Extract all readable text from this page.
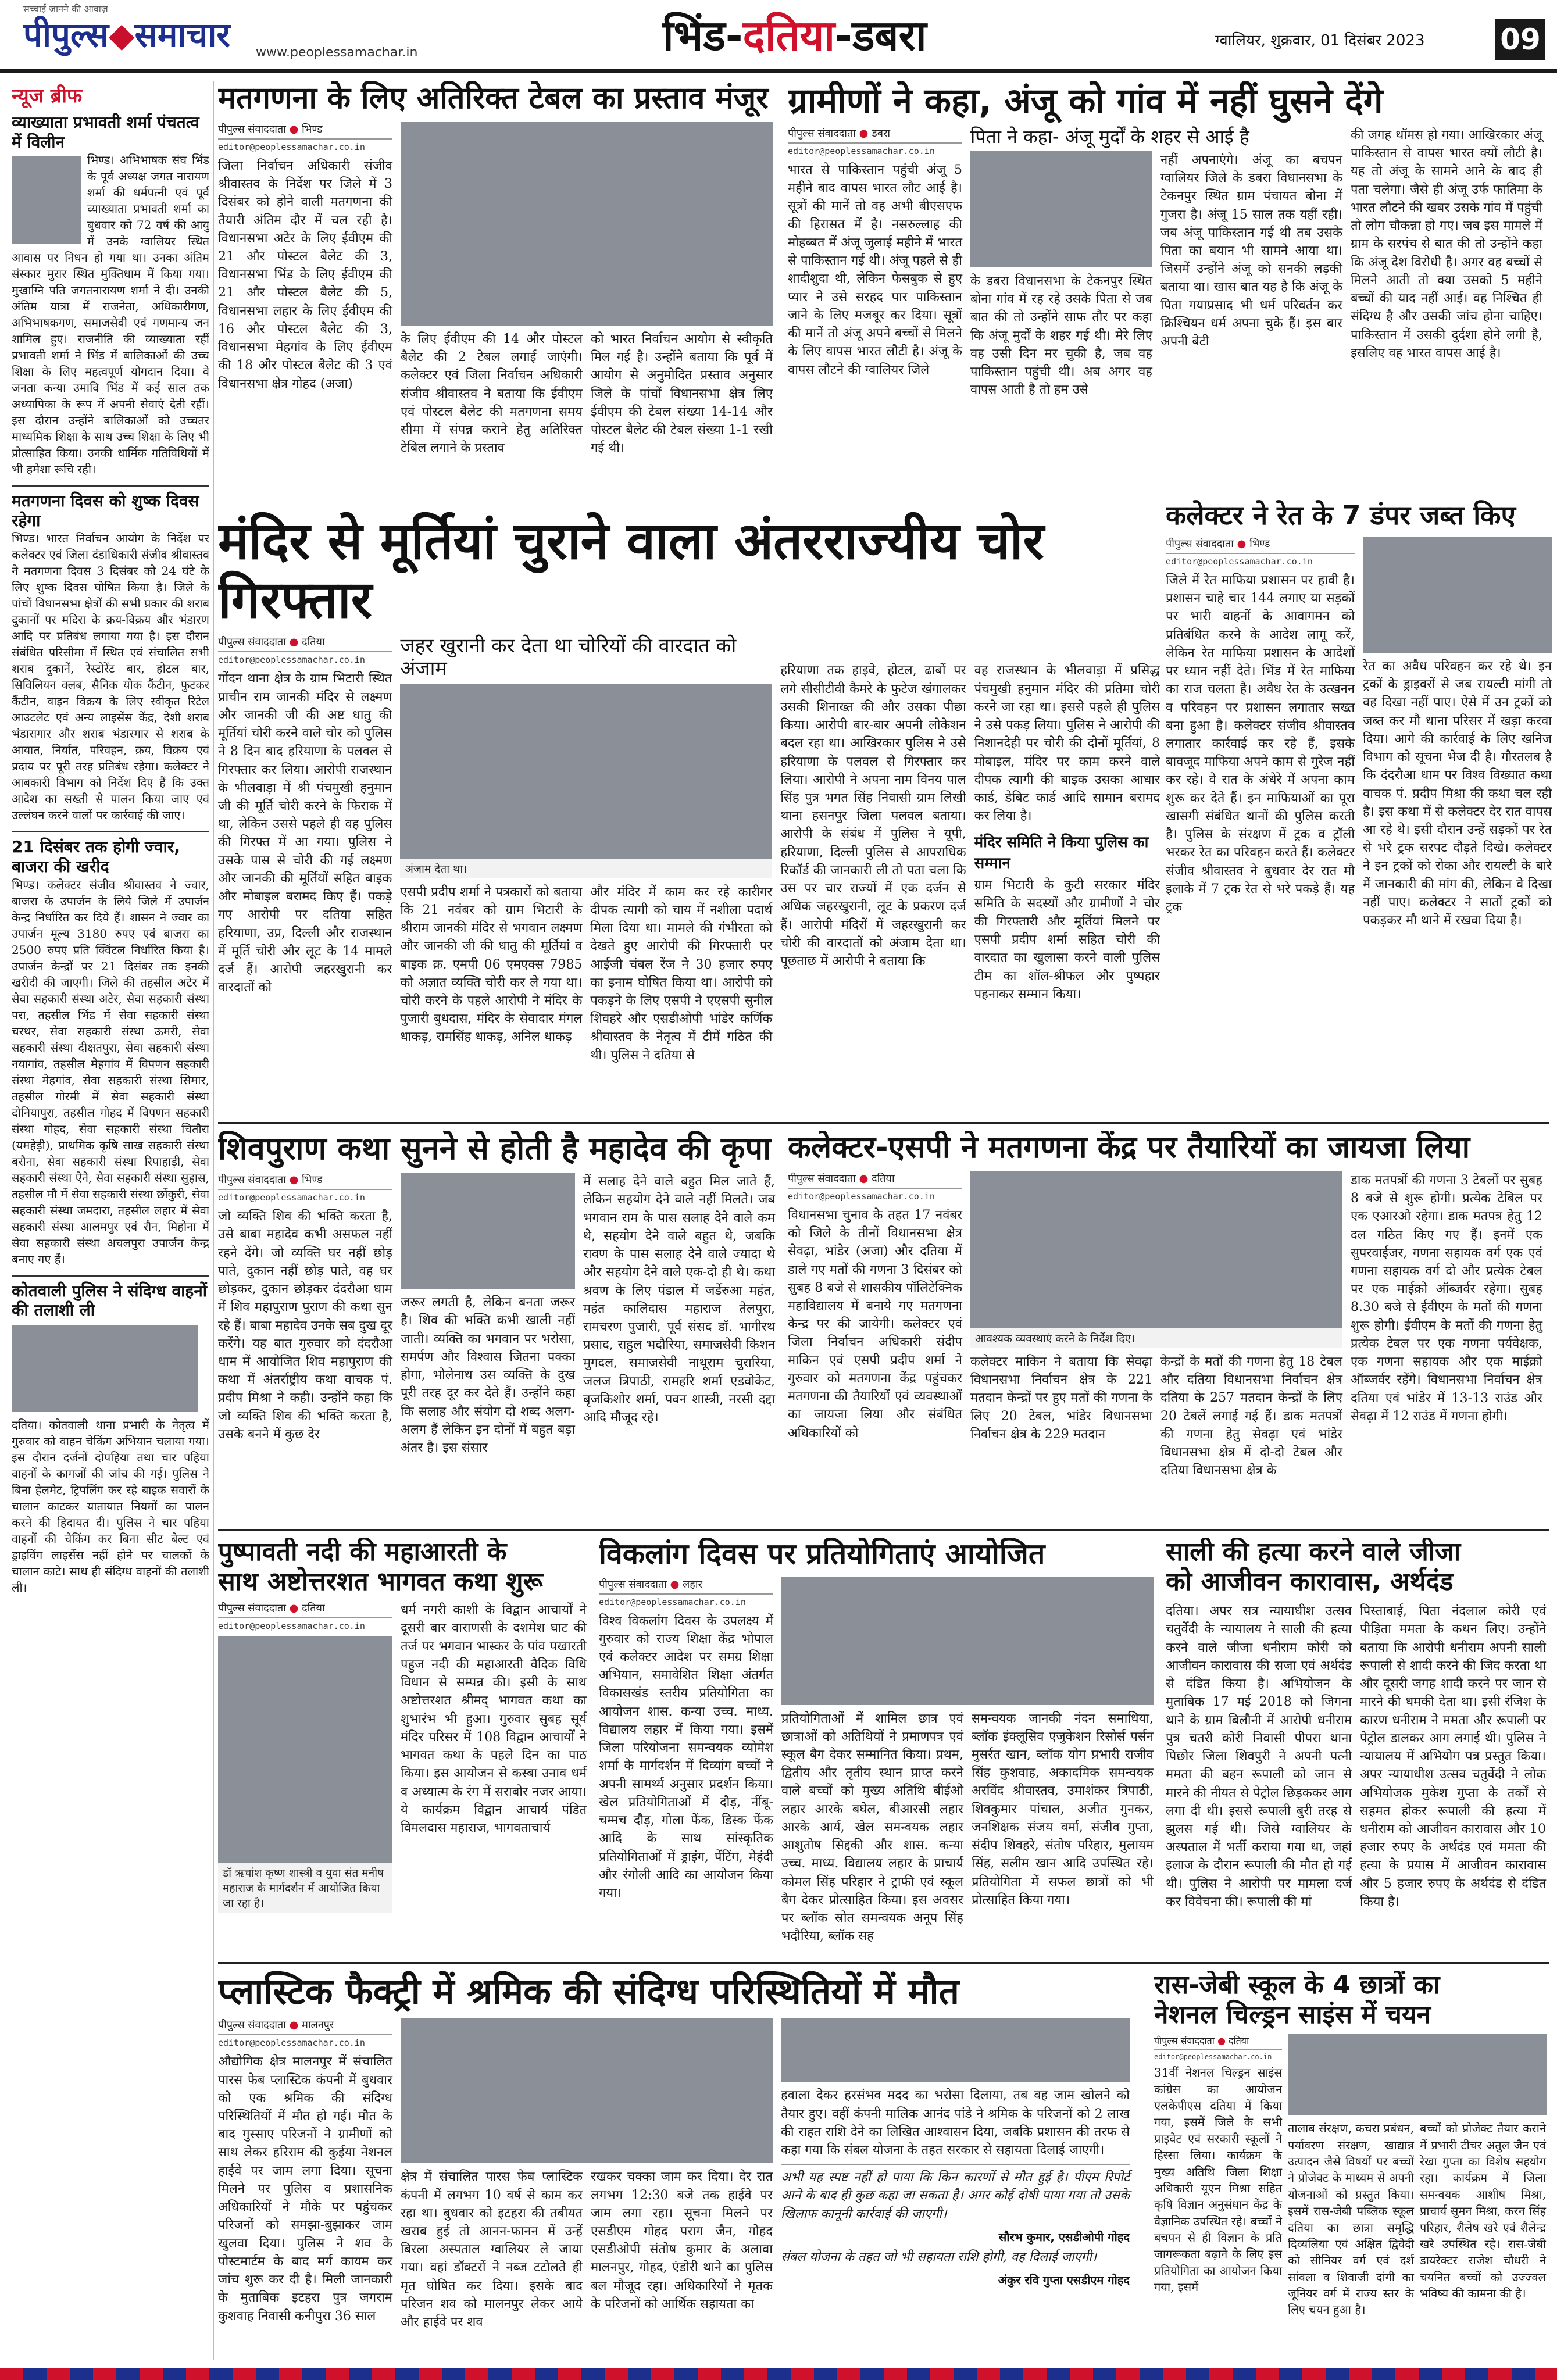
सच्चाई जानने की आवाज़
पीपुल्स◆समाचार www.peoplessamachar.in	भिंड-दतिया-डबरा	ग्वालियर, शुक्रवार, 01 दिसंबर 2023	09
न्यूज ब्रीफ
व्याख्याता प्रभावती शर्मा पंचतत्व में विलीन
भिण्ड। अभिभाषक संघ भिंड के पूर्व अध्यक्ष जगत नारायण शर्मा की धर्मपत्नी एवं पूर्व व्याख्याता प्रभावती शर्मा का बुधवार को 72 वर्ष की आयु में उनके ग्वालियर स्थित आवास पर निधन हो गया था। उनका अंतिम संस्कार मुरार स्थित मुक्तिधाम में किया गया। मुखाग्नि पति जगतनारायण शर्मा ने दी। उनकी अंतिम यात्रा में राजनेता, अधिकारीगण, अभिभाषकगण, समाजसेवी एवं गणमान्य जन शामिल हुए। राजनीति की व्याख्याता रहीं प्रभावती शर्मा ने भिंड में बालिकाओं की उच्च शिक्षा के लिए महत्वपूर्ण योगदान दिया। वे जनता कन्या उमावि भिंड में कई साल तक अध्यापिका के रूप में अपनी सेवाएं देती रहीं। इस दौरान उन्होंने बालिकाओं को उच्चतर माध्यमिक शिक्षा के साथ उच्च शिक्षा के लिए भी प्रोत्साहित किया। उनकी धार्मिक गतिविधियों में भी हमेशा रूचि रही।
मतगणना दिवस को शुष्क दिवस रहेगा
भिण्ड। भारत निर्वाचन आयोग के निर्देश पर कलेक्टर एवं जिला दंडाधिकारी संजीव श्रीवास्तव ने मतगणना दिवस 3 दिसंबर को 24 घंटे के लिए शुष्क दिवस घोषित किया है। जिले के पांचों विधानसभा क्षेत्रों की सभी प्रकार की शराब दुकानों पर मदिरा के क्रय-विक्रय और भंडारण आदि पर प्रतिबंध लगाया गया है। इस दौरान संबंधित परिसीमा में स्थित एवं संचालित सभी शराब दुकानें, रेस्टोरेंट बार, होटल बार, सिविलियन क्लब, सैनिक योक कैंटीन, फुटकर कैंटीन, वाइन विक्रय के लिए स्वीकृत रिटेल आउटलेट एवं अन्य लाइसेंस केंद्र, देशी शराब भंडारागार और शराब भंडारगार से शराब के आयात, निर्यात, परिवहन, क्रय, विक्रय एवं प्रदाय पर पूरी तरह प्रतिबंध रहेगा। कलेक्टर ने आबकारी विभाग को निर्देश दिए हैं कि उक्त आदेश का सख्ती से पालन किया जाए एवं उल्लंघन करने वालों पर कार्रवाई की जाए।
21 दिसंबर तक होगी ज्वार, बाजरा की खरीद
भिण्ड। कलेक्टर संजीव श्रीवास्तव ने ज्वार, बाजरा के उपार्जन के लिये जिले में उपार्जन केन्द्र निर्धारित कर दिये हैं। शासन ने ज्वार का उपार्जन मूल्य 3180 रुपए एवं बाजरा का 2500 रुपए प्रति क्विंटल निर्धारित किया है। उपार्जन केन्द्रों पर 21 दिसंबर तक इनकी खरीदी की जाएगी। जिले की तहसील अटेर में सेवा सहकारी संस्था अटेर, सेवा सहकारी संस्था परा, तहसील भिंड में सेवा सहकारी संस्था चरथर, सेवा सहकारी संस्था ऊमरी, सेवा सहकारी संस्था दीक्षतपुरा, सेवा सहकारी संस्था नयागांव, तहसील मेहगांव में विपणन सहकारी संस्था मेहगांव, सेवा सहकारी संस्था सिमार, तहसील गोरमी में सेवा सहकारी संस्था दोनियापुरा, तहसील गोहद में विपणन सहकारी संस्था गोहद, सेवा सहकारी संस्था चितौरा (यमहेड़ी), प्राथमिक कृषि साख सहकारी संस्था बरौना, सेवा सहकारी संस्था रिपाहाड़ी, सेवा सहकारी संस्था ऐने, सेवा सहकारी संस्था सुहास, तहसील मौ में सेवा सहकारी संस्था छोंकुरी, सेवा सहकारी संस्था जमदारा, तहसील लहार में सेवा सहकारी संस्था आलमपुर एवं रौन, मिहोना में सेवा सहकारी संस्था अचलपुरा उपार्जन केन्द्र बनाए गए हैं।
कोतवाली पुलिस ने संदिग्ध वाहनों की तलाशी ली
दतिया। कोतवाली थाना प्रभारी के नेतृत्व में गुरुवार को वाहन चेकिंग अभियान चलाया गया। इस दौरान दर्जनों दोपहिया तथा चार पहिया वाहनों के कागजों की जांच की गई। पुलिस ने बिना हेलमेट, ट्रिपलिंग कर रहे बाइक सवारों के चालान काटकर यातायात नियमों का पालन करने की हिदायत दी। पुलिस ने चार पहिया वाहनों की चेकिंग कर बिना सीट बेल्ट एवं ड्राइविंग लाइसेंस नहीं होने पर चालकों के चालान काटे। साथ ही संदिग्ध वाहनों की तलाशी ली।
मतगणना के लिए अतिरिक्त टेबल का प्रस्ताव मंजूर
पीपुल्स संवाददाता ● भिण्ड
editor@peoplessamachar.co.in
जिला निर्वाचन अधिकारी संजीव श्रीवास्तव के निर्देश पर जिले में 3 दिसंबर को होने वाली मतगणना की तैयारी अंतिम दौर में चल रही है। विधानसभा अटेर के लिए ईवीएम की 21 और पोस्टल बैलेट की 3, विधानसभा भिंड के लिए ईवीएम की 21 और पोस्टल बैलेट की 5, विधानसभा लहार के लिए ईवीएम की 16 और पोस्टल बैलेट की 3, विधानसभा मेहगांव के लिए ईवीएम की 18 और पोस्टल बैलेट की 3 एवं विधानसभा क्षेत्र गोहद (अजा)
के लिए ईवीएम की 14 और पोस्टल बैलेट की 2 टेबल लगाई जाएंगी। कलेक्टर एवं जिला निर्वाचन अधिकारी संजीव श्रीवास्तव ने बताया कि ईवीएम एवं पोस्टल बैलेट की मतगणना समय सीमा में संपन्न कराने हेतु अतिरिक्त टेबिल लगाने के प्रस्ताव
को भारत निर्वाचन आयोग से स्वीकृति मिल गई है। उन्होंने बताया कि पूर्व में आयोग से अनुमोदित प्रस्ताव अनुसार जिले के पांचों विधानसभा क्षेत्र लिए ईवीएम की टेबल संख्या 14-14 और पोस्टल बैलेट की टेबल संख्या 1-1 रखी गई थी।
ग्रामीणों ने कहा, अंजू को गांव में नहीं घुसने देंगे
पीपुल्स संवाददाता ● डबरा
editor@peoplessamachar.co.in
भारत से पाकिस्तान पहुंची अंजू 5 महीने बाद वापस भारत लौट आई है। सूत्रों की मानें तो वह अभी बीएसएफ की हिरासत में है। नसरुल्लाह की मोहब्बत में अंजू जुलाई महीने में भारत से पाकिस्तान गई थी। अंजू पहले से ही शादीशुदा थी, लेकिन फेसबुक से हुए प्यार ने उसे सरहद पार पाकिस्तान जाने के लिए मजबूर कर दिया। सूत्रों की मानें तो अंजू अपने बच्चों से मिलने के लिए वापस भारत लौटी है। अंजू के वापस लौटने की ग्वालियर जिले
पिता ने कहा- अंजू मुर्दों के शहर से आई है
के डबरा विधानसभा के टेकनपुर स्थित बोना गांव में रह रहे उसके पिता से जब बात की तो उन्होंने साफ तौर पर कहा कि अंजू मुर्दों के शहर गई थी। मेरे लिए वह उसी दिन मर चुकी है, जब वह पाकिस्तान पहुंची थी। अब अगर वह वापस आती है तो हम उसे
नहीं अपनाएंगे। अंजू का बचपन ग्वालियर जिले के डबरा विधानसभा के टेकनपुर स्थित ग्राम पंचायत बोना में गुजरा है। अंजू 15 साल तक यहीं रही। जब अंजू पाकिस्तान गई थी तब उसके पिता का बयान भी सामने आया था। जिसमें उन्होंने अंजू को सनकी लड़की बताया था। खास बात यह है कि अंजू के पिता गयाप्रसाद भी धर्म परिवर्तन कर क्रिश्चियन धर्म अपना चुके हैं। इस बार अपनी बेटी
की जगह थॉमस हो गया। आखिरकार अंजू पाकिस्तान से वापस भारत क्यों लौटी है। यह तो अंजू के सामने आने के बाद ही पता चलेगा। जैसे ही अंजू उर्फ फातिमा के भारत लौटने की खबर उसके गांव में पहुंची तो लोग चौकन्ना हो गए। जब इस मामले में ग्राम के सरपंच से बात की तो उन्होंने कहा कि अंजू देश विरोधी है। अगर वह बच्चों से मिलने आती तो क्या उसको 5 महीने बच्चों की याद नहीं आई। वह निश्चित ही संदिग्ध है और उसकी जांच होना चाहिए। पाकिस्तान में उसकी दुर्दशा होने लगी है, इसलिए वह भारत वापस आई है।
मंदिर से मूर्तियां चुराने वाला अंतरराज्यीय चोर गिरफ्तार
पीपुल्स संवाददाता ● दतिया
editor@peoplessamachar.co.in
गोंदन थाना क्षेत्र के ग्राम भिटारी स्थित प्राचीन राम जानकी मंदिर से लक्ष्मण और जानकी जी की अष्ट धातु की मूर्तियां चोरी करने वाले चोर को पुलिस ने 8 दिन बाद हरियाणा के पलवल से गिरफ्तार कर लिया। आरोपी राजस्थान के भीलवाड़ा में श्री पंचमुखी हनुमान जी की मूर्ति चोरी करने के फिराक में था, लेकिन उससे पहले ही वह पुलिस की गिरफ्त में आ गया। पुलिस ने उसके पास से चोरी की गई लक्ष्मण और जानकी की मूर्तियों सहित बाइक और मोबाइल बरामद किए हैं। पकड़े गए आरोपी पर दतिया सहित हरियाणा, उप्र, दिल्ली और राजस्थान में मूर्ति चोरी और लूट के 14 मामले दर्ज हैं। आरोपी जहरखुरानी कर वारदातों को
जहर खुरानी कर देता था चोरियों की वारदात को अंजाम
अंजाम देता था।
एसपी प्रदीप शर्मा ने पत्रकारों को बताया कि 21 नवंबर को ग्राम भिटारी के श्रीराम जानकी मंदिर से भगवान लक्ष्मण और जानकी जी की धातु की मूर्तियां व बाइक क्र. एमपी 06 एमएक्स 7985 को अज्ञात व्यक्ति चोरी कर ले गया था। चोरी करने के पहले आरोपी ने मंदिर के पुजारी बुधदास, मंदिर के सेवादार मंगल धाकड़, रामसिंह धाकड़, अनिल धाकड़
और मंदिर में काम कर रहे कारीगर दीपक त्यागी को चाय में नशीला पदार्थ मिला दिया था। मामले की गंभीरता को देखते हुए आरोपी की गिरफ्तारी पर आईजी चंबल रेंज ने 30 हजार रुपए का इनाम घोषित किया था। आरोपी को पकड़ने के लिए एसपी ने एएसपी सुनील शिवहरे और एसडीओपी भांडेर कर्णिक श्रीवास्तव के नेतृत्व में टीमें गठित की थी। पुलिस ने दतिया से
हरियाणा तक हाइवे, होटल, ढाबों पर लगे सीसीटीवी कैमरे के फुटेज खंगालकर उसकी शिनाख्त की और उसका पीछा किया। आरोपी बार-बार अपनी लोकेशन बदल रहा था। आखिरकार पुलिस ने उसे हरियाणा के पलवल से गिरफ्तार कर लिया। आरोपी ने अपना नाम विनय पाल सिंह पुत्र भगत सिंह निवासी ग्राम लिखी थाना हसनपुर जिला पलवल बताया। आरोपी के संबंध में पुलिस ने यूपी, हरियाणा, दिल्ली पुलिस से आपराधिक रिकॉर्ड की जानकारी ली तो पता चला कि उस पर चार राज्यों में एक दर्जन से अधिक जहरखुरानी, लूट के प्रकरण दर्ज हैं। आरोपी मंदिरों में जहरखुरानी कर चोरी की वारदातों को अंजाम देता था। पूछताछ में आरोपी ने बताया कि
वह राजस्थान के भीलवाड़ा में प्रसिद्ध पंचमुखी हनुमान मंदिर की प्रतिमा चोरी करने जा रहा था। इससे पहले ही पुलिस ने उसे पकड़ लिया। पुलिस ने आरोपी की निशानदेही पर चोरी की दोनों मूर्तियां, 8 मोबाइल, मंदिर पर काम करने वाले दीपक त्यागी की बाइक उसका आधार कार्ड, डेबिट कार्ड आदि सामान बरामद कर लिया है।
मंदिर समिति ने किया पुलिस का सम्मान
ग्राम भिटारी के कुटी सरकार मंदिर समिति के सदस्यों और ग्रामीणों ने चोर की गिरफ्तारी और मूर्तियां मिलने पर एसपी प्रदीप शर्मा सहित चोरी की वारदात का खुलासा करने वाली पुलिस टीम का शॉल-श्रीफल और पुष्पहार पहनाकर सम्मान किया।
कलेक्टर ने रेत के 7 डंपर जब्त किए
पीपुल्स संवाददाता ● भिण्ड
editor@peoplessamachar.co.in
जिले में रेत माफिया प्रशासन पर हावी है। प्रशासन चाहे चार 144 लगाए या सड़कों पर भारी वाहनों के आवागमन को प्रतिबंधित करने के आदेश लागू करें, लेकिन रेत माफिया प्रशासन के आदेशों पर ध्यान नहीं देते। भिंड में रेत माफिया का राज चलता है। अवैध रेत के उत्खनन व परिवहन पर प्रशासन लगातार सख्त बना हुआ है। कलेक्टर संजीव श्रीवास्तव लगातार कार्रवाई कर रहे हैं, इसके बावजूद माफिया अपने काम से गुरेज नहीं कर रहे। वे रात के अंधेरे में अपना काम शुरू कर देते हैं। इन माफियाओं का पूरा खासगी संबंधित थानों की पुलिस करती है। पुलिस के संरक्षण में ट्रक व ट्रॉली भरकर रेत का परिवहन करते हैं। कलेक्टर संजीव श्रीवास्तव ने बुधवार देर रात मौ इलाके में 7 ट्रक रेत से भरे पकड़े हैं। यह ट्रक
रेत का अवैध परिवहन कर रहे थे। इन ट्रकों के ड्राइवरों से जब रायल्टी मांगी तो वह दिखा नहीं पाए। ऐसे में उन ट्रकों को जब्त कर मौ थाना परिसर में खड़ा करवा दिया। आगे की कार्रवाई के लिए खनिज विभाग को सूचना भेज दी है। गौरतलब है कि दंदरौआ धाम पर विश्व विख्यात कथा वाचक पं. प्रदीप मिश्रा की कथा चल रही है। इस कथा में से कलेक्टर देर रात वापस आ रहे थे। इसी दौरान उन्हें सड़कों पर रेत से भरे ट्रक सरपट दौड़ते दिखे। कलेक्टर ने इन ट्रकों को रोका और रायल्टी के बारे में जानकारी की मांग की, लेकिन वे दिखा नहीं पाए। कलेक्टर ने सातों ट्रकों को पकड़कर मौ थाने में रखवा दिया है।
शिवपुराण कथा सुनने से होती है महादेव की कृपा
पीपुल्स संवाददाता ● भिण्ड
editor@peoplessamachar.co.in
जो व्यक्ति शिव की भक्ति करता है, उसे बाबा महादेव कभी असफल नहीं रहने देंगे। जो व्यक्ति घर नहीं छोड़ पाते, दुकान नहीं छोड़ पाते, वह घर छोड़कर, दुकान छोड़कर दंदरौआ धाम में शिव महापुराण पुराण की कथा सुन रहे हैं। बाबा महादेव उनके सब दुख दूर करेंगे। यह बात गुरुवार को दंदरौआ धाम में आयोजित शिव महापुराण की कथा में अंतर्राष्ट्रीय कथा वाचक पं. प्रदीप मिश्रा ने कही। उन्होंने कहा कि जो व्यक्ति शिव की भक्ति करता है, उसके बनने में कुछ देर
जरूर लगती है, लेकिन बनता जरूर है। शिव की भक्ति कभी खाली नहीं जाती। व्यक्ति का भगवान पर भरोसा, समर्पण और विश्वास जितना पक्का होगा, भोलेनाथ उस व्यक्ति के दुख पूरी तरह दूर कर देते हैं। उन्होंने कहा कि सलाह और संयोग दो शब्द अलग-अलग हैं लेकिन इन दोनों में बहुत बड़ा अंतर है। इस संसार
में सलाह देने वाले बहुत मिल जाते हैं, लेकिन सहयोग देने वाले नहीं मिलते। जब भगवान राम के पास सलाह देने वाले कम थे, सहयोग देने वाले बहुत थे, जबकि रावण के पास सलाह देने वाले ज्यादा थे और सहयोग देने वाले एक-दो ही थे। कथा श्रवण के लिए पंडाल में जर्डेरुआ महंत, महंत कालिदास महाराज तेलपुरा, रामचरण पुजारी, पूर्व संसद डॉ. भागीरथ प्रसाद, राहुल भदौरिया, समाजसेवी किशन मुगदल, समाजसेवी नाथूराम चुरारिया, जलज त्रिपाठी, रामहरि शर्मा एडवोकेट, बृजकिशोर शर्मा, पवन शास्त्री, नरसी दद्दा आदि मौजूद रहे।
कलेक्टर-एसपी ने मतगणना केंद्र पर तैयारियों का जायजा लिया
पीपुल्स संवाददाता ● दतिया
editor@peoplessamachar.co.in
विधानसभा चुनाव के तहत 17 नवंबर को जिले के तीनों विधानसभा क्षेत्र सेवढ़ा, भांडेर (अजा) और दतिया में डाले गए मतों की गणना 3 दिसंबर को सुबह 8 बजे से शासकीय पॉलिटेक्निक महाविद्यालय में बनाये गए मतगणना केन्द्र पर की जायेगी। कलेक्टर एवं जिला निर्वाचन अधिकारी संदीप माकिन एवं एसपी प्रदीप शर्मा ने गुरुवार को मतगणना केंद्र पहुंचकर मतगणना की तैयारियों एवं व्यवस्थाओं का जायजा लिया और संबंधित अधिकारियों को
आवश्यक व्यवस्थाएं करने के निर्देश दिए।
कलेक्टर माकिन ने बताया कि सेवढ़ा विधानसभा निर्वाचन क्षेत्र के 221 मतदान केन्द्रों पर हुए मतों की गणना के लिए 20 टेबल, भांडेर विधानसभा निर्वाचन क्षेत्र के 229 मतदान
केन्द्रों के मतों की गणना हेतु 18 टेबल और दतिया विधानसभा निर्वाचन क्षेत्र दतिया के 257 मतदान केन्द्रों के लिए 20 टेबलें लगाई गई हैं। डाक मतपत्रों की गणना हेतु सेवढ़ा एवं भांडेर विधानसभा क्षेत्र में दो-दो टेबल और दतिया विधानसभा क्षेत्र के
डाक मतपत्रों की गणना 3 टेबलों पर सुबह 8 बजे से शुरू होगी। प्रत्येक टेबिल पर एक एआरओ रहेगा। डाक मतपत्र हेतु 12 दल गठित किए गए हैं। इनमें एक सुपरवाईजर, गणना सहायक वर्ग एक एवं गणना सहायक वर्ग दो और प्रत्येक टेबल पर एक माईक्रो ऑब्जर्वर रहेगा। सुबह 8.30 बजे से ईवीएम के मतों की गणना शुरू होगी। ईवीएम के मतों की गणना हेतु प्रत्येक टेबल पर एक गणना पर्यवेक्षक, एक गणना सहायक और एक माईक्रो ऑब्जर्वर रहेंगे। विधानसभा निर्वाचन क्षेत्र दतिया एवं भांडेर में 13-13 राउंड और सेवढ़ा में 12 राउंड में गणना होगी।
पुष्पावती नदी की महाआरती के
साथ अष्टोत्तरशत भागवत कथा शुरू
पीपुल्स संवाददाता ● दतिया
editor@peoplessamachar.co.in
डॉ ऋचांश कृष्ण शास्त्री व युवा संत मनीष महाराज के मार्गदर्शन में आयोजित किया जा रहा है।
धर्म नगरी काशी के विद्वान आचार्यों ने दूसरी बार वाराणसी के दशमेश घाट की तर्ज पर भगवान भास्कर के पांव पखारती पहुज नदी की महाआरती वैदिक विधि विधान से सम्पन्न की। इसी के साथ अष्टोत्तरशत श्रीमद् भागवत कथा का शुभारंभ भी हुआ। गुरुवार सुबह सूर्य मंदिर परिसर में 108 विद्वान आचार्यों ने भागवत कथा के पहले दिन का पाठ किया। इस आयोजन से कस्बा उनाव धर्म व अध्यात्म के रंग में सराबोर नजर आया। ये कार्यक्रम विद्वान आचार्य पंडित विमलदास महाराज, भागवताचार्य
विकलांग दिवस पर प्रतियोगिताएं आयोजित
पीपुल्स संवाददाता ● लहार
editor@peoplessamachar.co.in
विश्व विकलांग दिवस के उपलक्ष्य में गुरुवार को राज्य शिक्षा केंद्र भोपाल एवं कलेक्टर आदेश पर समग्र शिक्षा अभियान, समावेशित शिक्षा अंतर्गत विकासखंड स्तरीय प्रतियोगिता का आयोजन शास. कन्या उच्च. माध्य. विद्यालय लहार में किया गया। इसमें जिला परियोजना समन्वयक व्योमेश शर्मा के मार्गदर्शन में दिव्यांग बच्चों ने अपनी सामर्थ्य अनुसार प्रदर्शन किया। खेल प्रतियोगिताओं में दौड़, नींबू-चम्मच दौड़, गोला फेंक, डिस्क फेंक आदि के साथ सांस्कृतिक प्रतियोगिताओं में ड्राइंग, पेंटिंग, मेहंदी और रंगोली आदि का आयोजन किया गया।
प्रतियोगिताओं में शामिल छात्र एवं छात्राओं को अतिथियों ने प्रमाणपत्र एवं स्कूल बैग देकर सम्मानित किया। प्रथम, द्वितीय और तृतीय स्थान प्राप्त करने वाले बच्चों को मुख्य अतिथि बीईओ लहार आरके बघेल, बीआरसी लहार आरके आर्य, खेल समन्वयक लहार आशुतोष सिद्दकी और शास. कन्या उच्च. माध्य. विद्यालय लहार के प्राचार्य कोमल सिंह परिहार ने ट्राफी एवं स्कूल बैग देकर प्रोत्साहित किया। इस अवसर पर ब्लॉक स्रोत समन्वयक अनूप सिंह भदौरिया, ब्लॉक सह
समन्वयक जानकी नंदन समाधिया, ब्लॉक इंक्लूसिव एजुकेशन रिसोर्स पर्सन मुसर्रत खान, ब्लॉक योग प्रभारी राजीव सिंह कुशवाह, अकादमिक समन्वयक अरविंद श्रीवास्तव, उमाशंकर त्रिपाठी, शिवकुमार पांचाल, अजीत गुनकर, जनशिक्षक संजय वर्मा, संजीव गुप्ता, संदीप शिवहरे, संतोष परिहार, मुलायम सिंह, सलीम खान आदि उपस्थित रहे। प्रतियोगिता में सफल छात्रों को भी प्रोत्साहित किया गया।
साली की हत्या करने वाले जीजा
को आजीवन कारावास, अर्थदंड
दतिया। अपर सत्र न्यायाधीश उत्सव चतुर्वेदी के न्यायालय ने साली की हत्या करने वाले जीजा धनीराम कोरी को आजीवन कारावास की सजा एवं अर्थदंड से दंडित किया है। अभियोजन के मुताबिक 17 मई 2018 को जिगना थाने के ग्राम बिलौनी में आरोपी धनीराम पुत्र चतरी कोरी निवासी पीपरा थाना पिछोर जिला शिवपुरी ने अपनी पत्नी ममता की बहन रूपाली को जान से मारने की नीयत से पेट्रोल छिड़ककर आग लगा दी थी। इससे रूपाली बुरी तरह से झुलस गई थी। जिसे ग्वालियर के अस्पताल में भर्ती कराया गया था, जहां इलाज के दौरान रूपाली की मौत हो गई थी। पुलिस ने आरोपी पर मामला दर्ज कर विवेचना की। रूपाली की मां
पिस्ताबाई, पिता नंदलाल कोरी एवं पीड़िता ममता के कथन लिए। उन्होंने बताया कि आरोपी धनीराम अपनी साली रूपाली से शादी करने की जिद करता था और दूसरी जगह शादी करने पर जान से मारने की धमकी देता था। इसी रंजिश के कारण धनीराम ने ममता और रूपाली पर पेट्रोल डालकर आग लगाई थी। पुलिस ने न्यायालय में अभियोग पत्र प्रस्तुत किया। अपर न्यायाधीश उत्सव चतुर्वेदी ने लोक अभियोजक मुकेश गुप्ता के तर्कों से सहमत होकर रूपाली की हत्या में धनीराम को आजीवन कारावास और 10 हजार रुपए के अर्थदंड एवं ममता की हत्या के प्रयास में आजीवन कारावास और 5 हजार रुपए के अर्थदंड से दंडित किया है।
प्लास्टिक फैक्ट्री में श्रमिक की संदिग्ध परिस्थितियों में मौत
पीपुल्स संवाददाता ● मालनपुर
editor@peoplessamachar.co.in
औद्योगिक क्षेत्र मालनपुर में संचालित पारस फेब प्लास्टिक कंपनी में बुधवार को एक श्रमिक की संदिग्ध परिस्थितियों में मौत हो गई। मौत के बाद गुस्साए परिजनों ने ग्रामीणों को साथ लेकर हरिराम की कुईया नेशनल हाईवे पर जाम लगा दिया। सूचना मिलने पर पुलिस व प्रशासनिक अधिकारियों ने मौके पर पहुंचकर परिजनों को समझा-बुझाकर जाम खुलवा दिया। पुलिस ने शव के पोस्टमार्टम के बाद मर्ग कायम कर जांच शुरू कर दी है। मिली जानकारी के मुताबिक इटहरा पुत्र जगराम कुशवाह निवासी कनीपुरा 36 साल
क्षेत्र में संचालित पारस फेब प्लास्टिक कंपनी में लगभग 10 वर्ष से काम कर रहा था। बुधवार को इटहरा की तबीयत खराब हुई तो आनन-फानन में उन्हें बिरला अस्पताल ग्वालियर ले जाया गया। वहां डॉक्टरों ने नब्ज टटोलते ही मृत घोषित कर दिया। इसके बाद परिजन शव को मालनपुर लेकर आये और हाईवे पर शव
रखकर चक्का जाम कर दिया। देर रात लगभग 12:30 बजे तक हाईवे पर जाम लगा रहा। सूचना मिलने पर एसडीएम गोहद पराग जैन, गोहद एसडीओपी संतोष कुमार के अलावा मालनपुर, गोहद, एंडोरी थाने का पुलिस बल मौजूद रहा। अधिकारियों ने मृतक के परिजनों को आर्थिक सहायता का
हवाला देकर हरसंभव मदद का भरोसा दिलाया, तब वह जाम खोलने को तैयार हुए। वहीं कंपनी मालिक आनंद पांडे ने श्रमिक के परिजनों को 2 लाख की राहत राशि देने का लिखित आश्वासन दिया, जबकि प्रशासन की तरफ से कहा गया कि संबल योजना के तहत सरकार से सहायता दिलाई जाएगी।
अभी यह स्पष्ट नहीं हो पाया कि किन कारणों से मौत हुई है। पीएम रिपोर्ट आने के बाद ही कुछ कहा जा सकता है। अगर कोई दोषी पाया गया तो उसके खिलाफ कानूनी कार्रवाई की जाएगी।
सौरभ कुमार, एसडीओपी गोहद
संबल योजना के तहत जो भी सहायता राशि होगी, वह दिलाई जाएगी।
अंकुर रवि गुप्ता एसडीएम गोहद
रास-जेबी स्कूल के 4 छात्रों का
नेशनल चिल्ड्रन साइंस में चयन
पीपुल्स संवाददाता ● दतिया
editor@peoplessamachar.co.in
31वीं नेशनल चिल्ड्रन साइंस कांग्रेस का आयोजन एलकेपीएस दतिया में किया गया, इसमें जिले के सभी प्राइवेट एवं सरकारी स्कूलों ने हिस्सा लिया। कार्यक्रम के मुख्य अतिथि जिला शिक्षा अधिकारी यूएन मिश्रा सहित कृषि विज्ञान अनुसंधान केंद्र के वैज्ञानिक उपस्थित रहे। बच्चों ने बचपन से ही विज्ञान के प्रति जागरूकता बढ़ाने के लिए इस प्रतियोगिता का आयोजन किया गया, इसमें
तालाब संरक्षण, कचरा प्रबंधन, पर्यावरण संरक्षण, खाद्यान्न उत्पादन जैसे विषयों पर बच्चों ने प्रोजेक्ट के माध्यम से अपनी योजनाओं को प्रस्तुत किया। इसमें रास-जेबी पब्लिक स्कूल दतिया का छात्रा समृद्धि दिव्यलिया एवं अक्षित द्विवेदी को सीनियर वर्ग एवं दर्श सांवला व शिवाजी दांगी का जूनियर वर्ग में राज्य स्तर के लिए चयन हुआ है।
बच्चों को प्रोजेक्ट तैयार कराने में प्रभारी टीचर अतुल जैन एवं रेखा गुप्ता का विशेष सहयोग रहा। कार्यक्रम में जिला समन्वयक आशीष मिश्रा, प्राचार्य सुमन मिश्रा, करन सिंह परिहार, शैलेष खरे एवं शैलेन्द्र खरे उपस्थित रहे। रास-जेबी डायरेक्टर राजेश चौधरी ने चयनित बच्चों को उज्ज्वल भविष्य की कामना की है।
